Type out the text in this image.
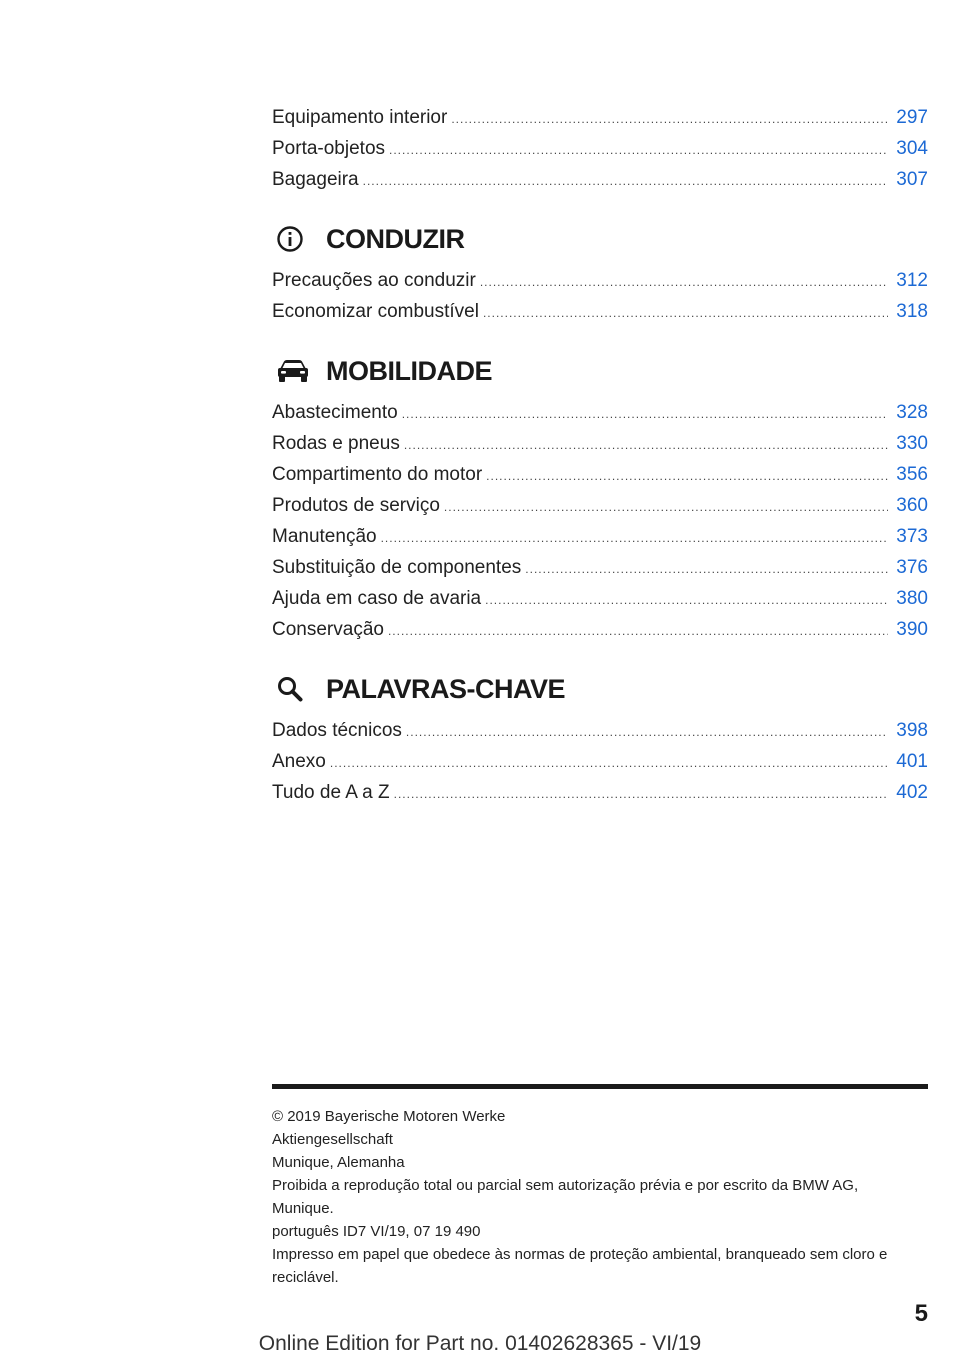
Equipamento interior .....	297
Porta-objetos .....	304
Bagageira .....	307
CONDUZIR
Precauções ao conduzir .....	312
Economizar combustível .....	318
MOBILIDADE
Abastecimento .....	328
Rodas e pneus .....	330
Compartimento do motor .....	356
Produtos de serviço .....	360
Manutenção .....	373
Substituição de componentes .....	376
Ajuda em caso de avaria .....	380
Conservação .....	390
PALAVRAS-CHAVE
Dados técnicos .....	398
Anexo .....	401
Tudo de A a Z .....	402
© 2019 Bayerische Motoren Werke
Aktiengesellschaft
Munique, Alemanha
Proibida a reprodução total ou parcial sem autorização prévia e por escrito da BMW AG,
Munique.
português ID7 VI/19, 07 19 490
Impresso em papel que obedece às normas de proteção ambiental, branqueado sem cloro e
reciclável.
5
Online Edition for Part no. 01402628365 - VI/19
